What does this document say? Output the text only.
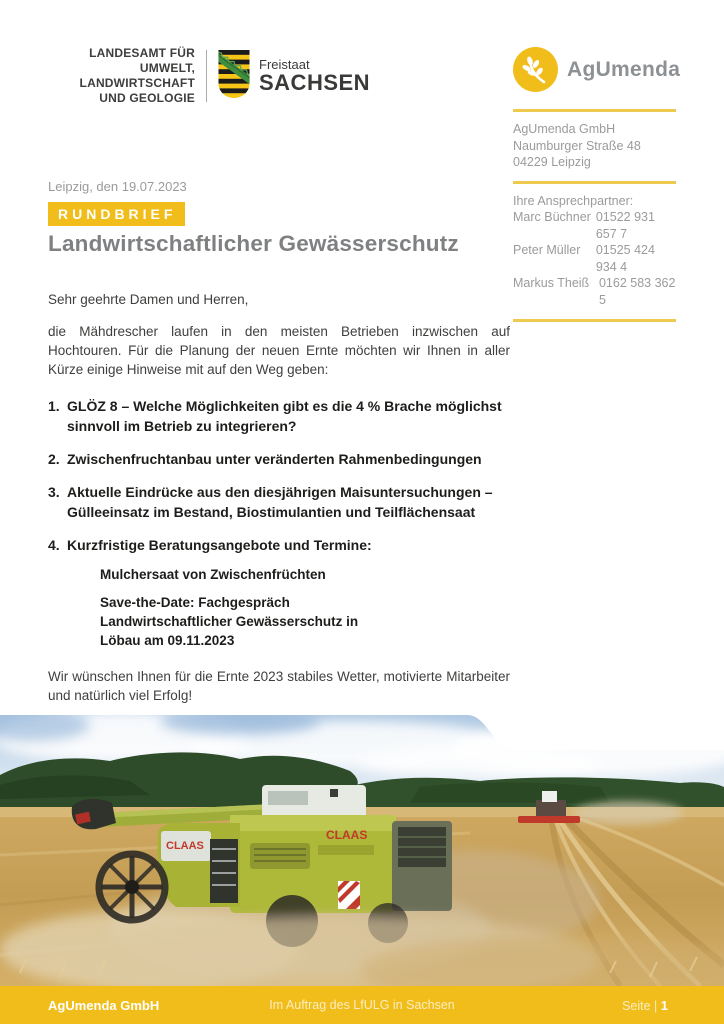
LANDESAMT FÜR UMWELT,
LANDWIRTSCHAFT
UND GEOLOGIE
Freistaat
SACHSEN
AgUmenda
AgUmenda GmbH
Naumburger Straße 48
04229 Leipzig
Ihre Ansprechpartner:
Marc Büchner 01522 931 657 7
Peter Müller	01525 424 934 4
Markus Theiß 0162 583 362 5
Leipzig, den 19.07.2023
RUNDBRIEF
Landwirtschaftlicher Gewässerschutz
Sehr geehrte Damen und Herren,
die Mähdrescher laufen in den meisten Betrieben inzwischen auf Hochtouren. Für die Planung der neuen Ernte möchten wir Ihnen in aller Kürze einige Hinweise mit auf den Weg geben:
1. GLÖZ 8 – Welche Möglichkeiten gibt es die 4 % Brache möglichst sinnvoll im Betrieb zu integrieren?
2. Zwischenfruchtanbau unter veränderten Rahmenbedingungen
3. Aktuelle Eindrücke aus den diesjährigen Maisuntersuchungen – Gülleeinsatz im Bestand, Biostimulantien und Teilflächensaat
4. Kurzfristige Beratungsangebote und Termine:
Mulchersaat von Zwischenfrüchten
Save-the-Date: Fachgespräch Landwirtschaftlicher Gewässerschutz in Löbau am 09.11.2023
Wir wünschen Ihnen für die Ernte 2023 stabiles Wetter, motivierte Mitarbeiter und natürlich viel Erfolg!
CLAAS
CLAAS
AgUmenda GmbH	Im Auftrag des LfULG in Sachsen	Seite | 1
